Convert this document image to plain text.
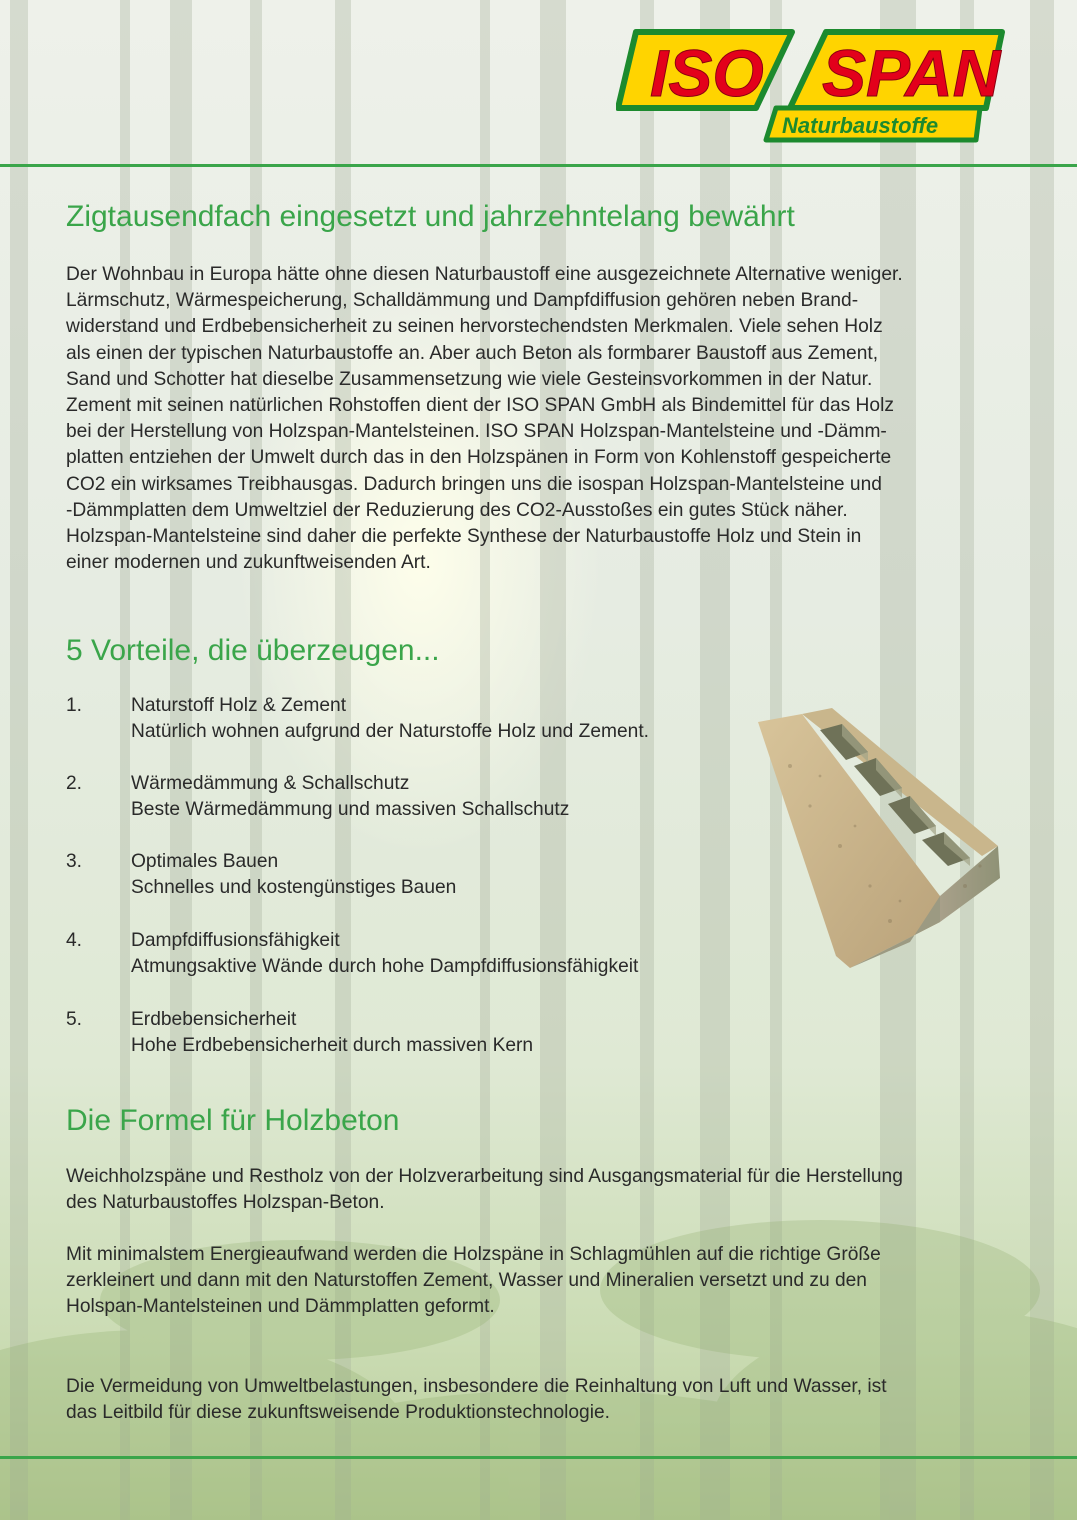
ISO SPAN
Naturbaustoffe
Zigtausendfach eingesetzt und jahrzehntelang bewährt
Der Wohnbau in Europa hätte ohne diesen Naturbaustoff eine ausgezeichnete Alternative weniger.
Lärmschutz, Wärmespeicherung, Schalldämmung und Dampfdiffusion gehören neben Brand-
widerstand und Erdbebensicherheit zu seinen hervorstechendsten Merkmalen. Viele sehen Holz
als einen der typischen Naturbaustoffe an. Aber auch Beton als formbarer Baustoff aus Zement,
Sand und Schotter hat dieselbe Zusammensetzung wie viele Gesteinsvorkommen in der Natur.
Zement mit seinen natürlichen Rohstoffen dient der ISO SPAN GmbH als Bindemittel für das Holz
bei der Herstellung von Holzspan-Mantelsteinen. ISO SPAN Holzspan-Mantelsteine und -Dämm-
platten entziehen der Umwelt durch das in den Holzspänen in Form von Kohlenstoff gespeicherte
CO2 ein wirksames Treibhausgas. Dadurch bringen uns die isospan Holzspan-Mantelsteine und
-Dämmplatten dem Umweltziel der Reduzierung des CO2-Ausstoßes ein gutes Stück näher.
Holzspan-Mantelsteine sind daher die perfekte Synthese der Naturbaustoffe Holz und Stein in
einer modernen und zukunftweisenden Art.
5 Vorteile, die überzeugen...
1.	Naturstoff Holz & Zement
Natürlich wohnen aufgrund der Naturstoffe Holz und Zement.
2.	Wärmedämmung & Schallschutz
Beste Wärmedämmung und massiven Schallschutz
3.	Optimales Bauen
Schnelles und kostengünstiges Bauen
4.	Dampfdiffusionsfähigkeit
Atmungsaktive Wände durch hohe Dampfdiffusionsfähigkeit
5.	Erdbebensicherheit
Hohe Erdbebensicherheit durch massiven Kern
Die Formel für Holzbeton
Weichholzspäne und Restholz von der Holzverarbeitung sind Ausgangsmaterial für die Herstellung
des Naturbaustoffes Holzspan-Beton.
Mit minimalstem Energieaufwand werden die Holzspäne in Schlagmühlen auf die richtige Größe
zerkleinert und dann mit den Naturstoffen Zement, Wasser und Mineralien versetzt und zu den
Holspan-Mantelsteinen und Dämmplatten geformt.
Die Vermeidung von Umweltbelastungen, insbesondere die Reinhaltung von Luft und Wasser, ist
das Leitbild für diese zukunftsweisende Produktionstechnologie.
